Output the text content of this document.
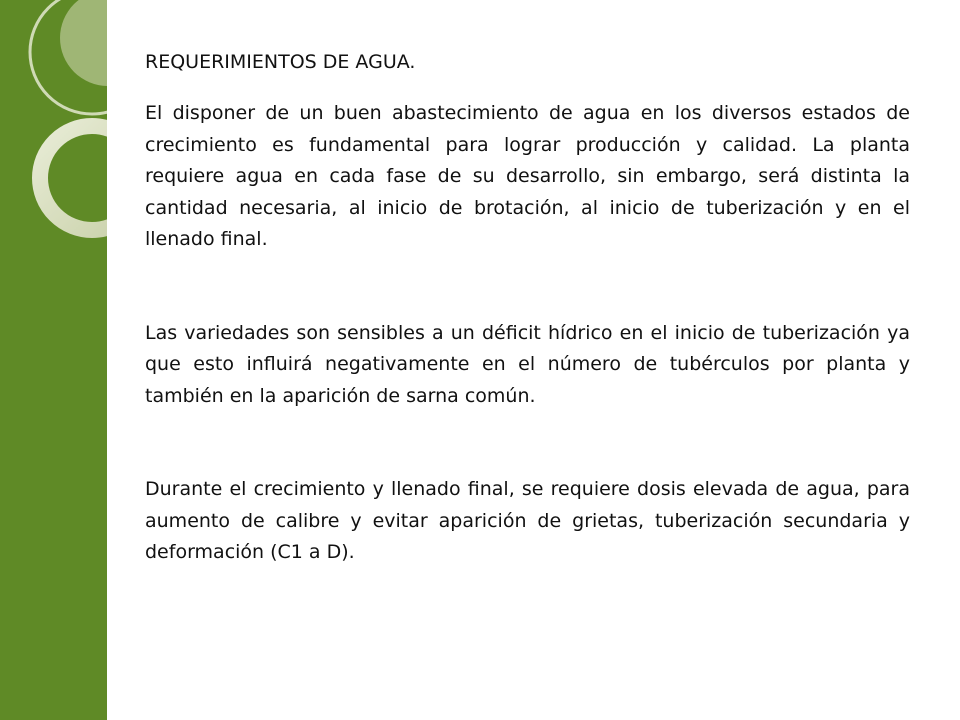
REQUERIMIENTOS DE AGUA.

El disponer de un buen abastecimiento de agua en los diversos estados de crecimiento es fundamental para lograr producción y calidad. La planta requiere agua en cada fase de su desarrollo, sin embargo, será distinta la cantidad necesaria, al inicio de brotación, al inicio de tuberización y en el llenado final.

Las variedades son sensibles a un déficit hídrico en el inicio de tuberización ya que esto influirá negativamente en el número de tubérculos por planta y también en la aparición de sarna común.

Durante el crecimiento y llenado final, se requiere dosis elevada de agua, para aumento de calibre y evitar aparición de grietas, tuberización secundaria y deformación (C1 a D).
